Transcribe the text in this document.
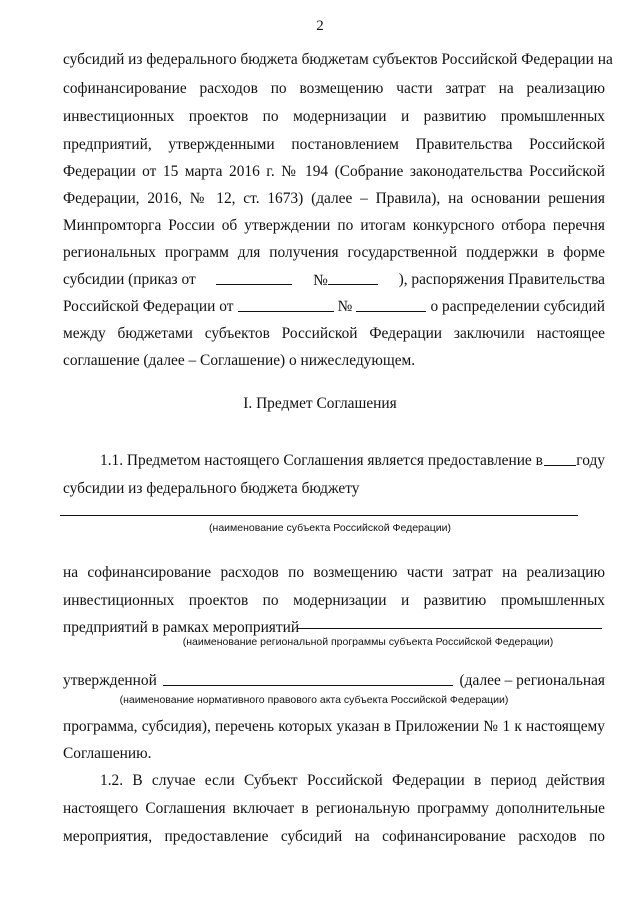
2
субсидий из федерального бюджета бюджетам субъектов Российской Федерации на
софинансирование расходов по возмещению части затрат на реализацию
инвестиционных проектов по модернизации и развитию промышленных
предприятий, утвержденными постановлением Правительства Российской
Федерации от 15 марта 2016 г. № 194 (Собрание законодательства Российской
Федерации, 2016, № 12, ст. 1673) (далее – Правила), на основании решения
Минпромторга России об утверждении по итогам конкурсного отбора перечня
региональных программ для получения государственной поддержки в форме
субсидии (приказ от	№	), распоряжения Правительства
Российской Федерации от	№	о распределении субсидий
между бюджетами субъектов Российской Федерации заключили настоящее
соглашение (далее – Соглашение) о нижеследующем.
I. Предмет Соглашения
1.1. Предметом настоящего Соглашения является предоставление в году
субсидии из федерального бюджета бюджету
(наименование субъекта Российской Федерации)
на софинансирование расходов по возмещению части затрат на реализацию
инвестиционных проектов по модернизации и развитию промышленных
предприятий в рамках мероприятий
(наименование региональной программы субъекта Российской Федерации)
утвержденной	(далее – региональная
(наименование нормативного правового акта субъекта Российской Федерации)
программа, субсидия), перечень которых указан в Приложении № 1 к настоящему
Соглашению.
1.2. В случае если Субъект Российской Федерации в период действия
настоящего Соглашения включает в региональную программу дополнительные
мероприятия, предоставление субсидий на софинансирование расходов по
